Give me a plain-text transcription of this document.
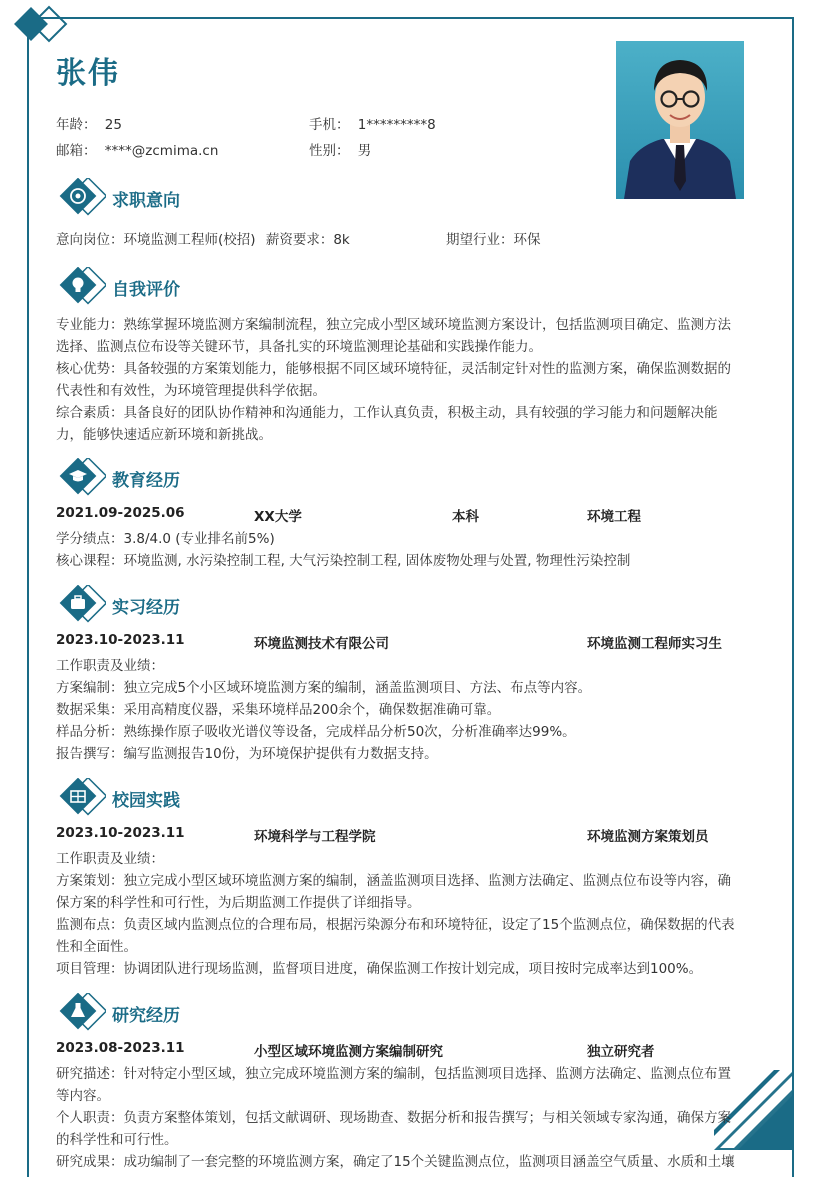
张伟
年龄： 25	手机： 1*********8
邮箱： ****@zcmima.cn	性别： 男
求职意向
意向岗位：环境监测工程师(校招) 薪资要求：8k	期望行业：环保
自我评价
专业能力：熟练掌握环境监测方案编制流程，独立完成小型区域环境监测方案设计，包括监测项目确定、监测方法
选择、监测点位布设等关键环节，具备扎实的环境监测理论基础和实践操作能力。
核心优势：具备较强的方案策划能力，能够根据不同区域环境特征，灵活制定针对性的监测方案，确保监测数据的
代表性和有效性，为环境管理提供科学依据。
综合素质：具备良好的团队协作精神和沟通能力，工作认真负责，积极主动，具有较强的学习能力和问题解决能
力，能够快速适应新环境和新挑战。
教育经历
2021.09-2025.06	XX大学	本科	环境工程
学分绩点：3.8/4.0 (专业排名前5%)
核心课程：环境监测, 水污染控制工程, 大气污染控制工程, 固体废物处理与处置, 物理性污染控制
实习经历
2023.10-2023.11	环境监测技术有限公司	环境监测工程师实习生
工作职责及业绩：
方案编制：独立完成5个小区域环境监测方案的编制，涵盖监测项目、方法、布点等内容。
数据采集：采用高精度仪器，采集环境样品200余个，确保数据准确可靠。
样品分析：熟练操作原子吸收光谱仪等设备，完成样品分析50次，分析准确率达99%。
报告撰写：编写监测报告10份，为环境保护提供有力数据支持。
校园实践
2023.10-2023.11	环境科学与工程学院	环境监测方案策划员
工作职责及业绩：
方案策划：独立完成小型区域环境监测方案的编制，涵盖监测项目选择、监测方法确定、监测点位布设等内容，确
保方案的科学性和可行性，为后期监测工作提供了详细指导。
监测布点：负责区域内监测点位的合理布局，根据污染源分布和环境特征，设定了15个监测点位，确保数据的代表
性和全面性。
项目管理：协调团队进行现场监测，监督项目进度，确保监测工作按计划完成，项目按时完成率达到100%。
研究经历
2023.08-2023.11	小型区域环境监测方案编制研究	独立研究者
研究描述：针对特定小型区域，独立完成环境监测方案的编制，包括监测项目选择、监测方法确定、监测点位布置
等内容。
个人职责：负责方案整体策划，包括文献调研、现场勘查、数据分析和报告撰写；与相关领域专家沟通，确保方案
的科学性和可行性。
研究成果：成功编制了一套完整的环境监测方案，确定了15个关键监测点位，监测项目涵盖空气质量、水质和土壤
